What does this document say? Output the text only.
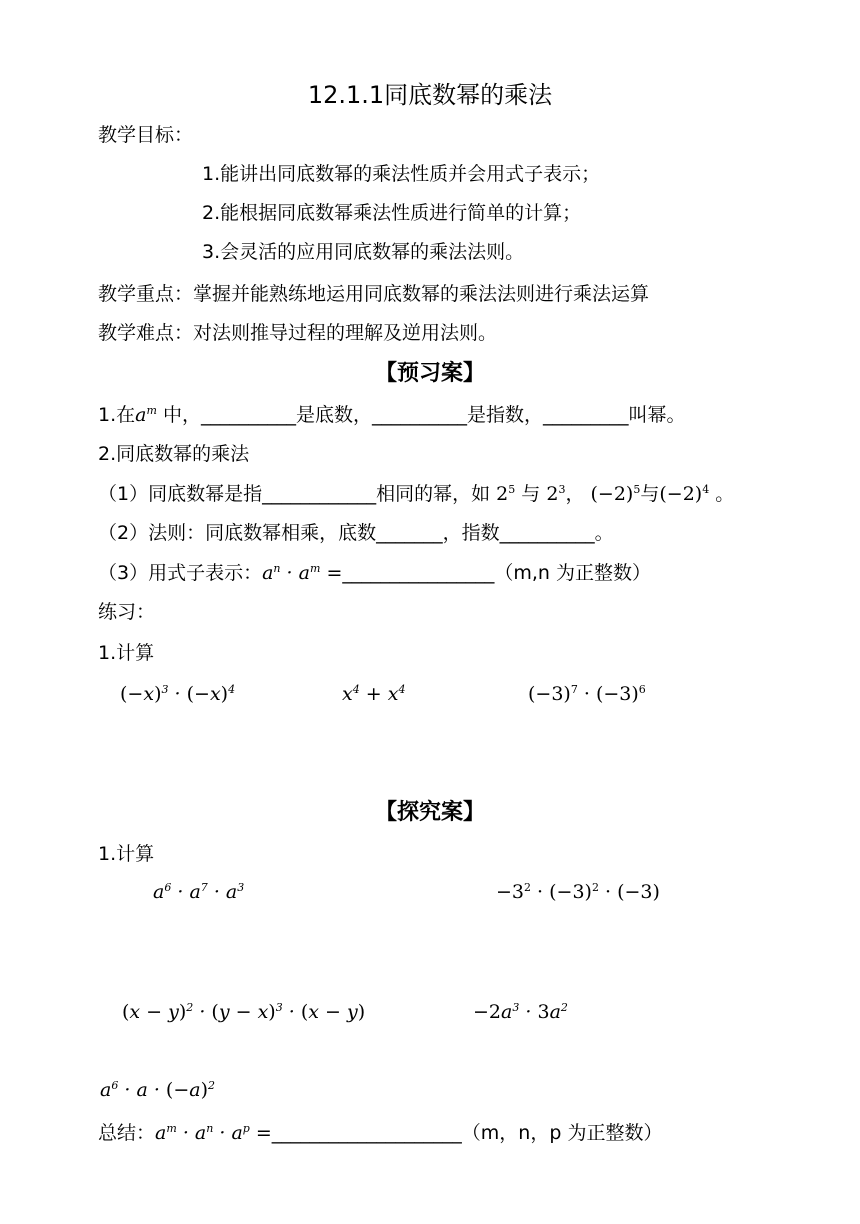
12.1.1同底数幂的乘法
教学目标：
1.能讲出同底数幂的乘法性质并会用式子表示；
2.能根据同底数幂乘法性质进行简单的计算；
3.会灵活的应用同底数幂的乘法法则。
教学重点：掌握并能熟练地运用同底数幂的乘法法则进行乘法运算
教学难点：对法则推导过程的理解及逆用法则。
【预习案】
1.在$a^m$ 中，__________是底数，__________是指数，_________叫幂。
2.同底数幂的乘法
（1）同底数幂是指____________相同的幂，如 $2^5$ 与 $2^3$， $(-2)^5$与$(-2)^4$ 。
（2）法则：同底数幂相乘，底数_______，指数__________。
（3）用式子表示：$a^n \cdot a^m$ =________________（m,n 为正整数）
练习：
1.计算
$(-x)^3 \cdot (-x)^4$	$x^4 + x^4$	$(-3)^7 \cdot (-3)^6$
【探究案】
1.计算
$a^6 \cdot a^7 \cdot a^3$	$-3^2 \cdot (-3)^2 \cdot (-3)$
$(x - y)^2 \cdot (y - x)^3 \cdot (x - y)$	$-2a^3 \cdot 3a^2$
$a^6 \cdot a \cdot (-a)^2$
总结：$a^m \cdot a^n \cdot a^p$ =____________________（m，n，p 为正整数）
